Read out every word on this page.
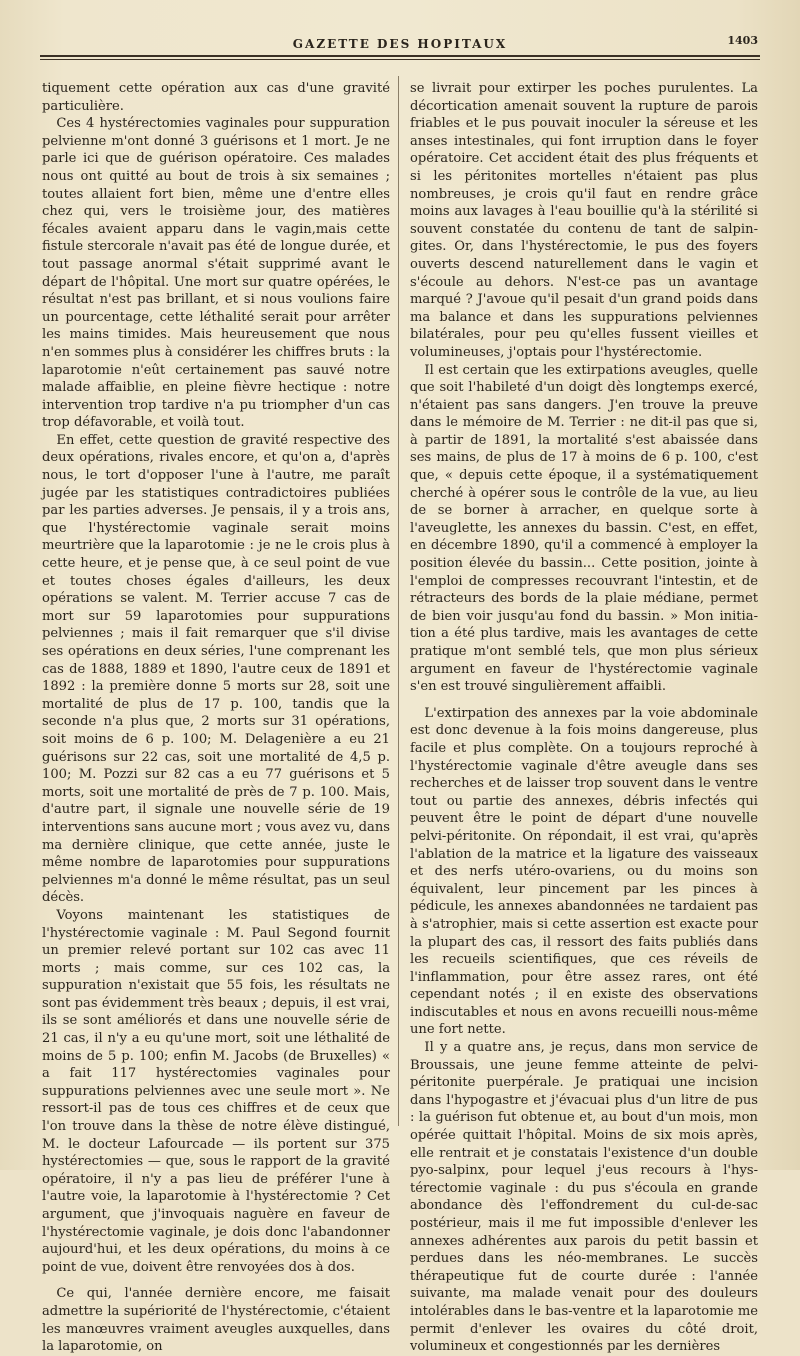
GAZETTE DES HOPITAUX	1403

tiquement cette opération aux cas d'une gravité particulière.

Ces 4 hystérectomies vaginales pour suppuration pelvienne m'ont donné 3 guérisons et 1 mort. Je ne parle ici que de guérison opératoire. Ces malades nous ont quitté au bout de trois à six semaines ; toutes allaient fort bien, même une d'entre elles chez qui, vers le troisième jour, des matières fécales avaient apparu dans le vagin,mais cette fistule stercorale n'avait pas été de longue durée, et tout passage anormal s'était supprimé avant le départ de l'hôpital. Une mort sur quatre opérées, le résultat n'est pas brillant, et si nous voulions faire un pourcentage, cette léthalité serait pour arrêter les mains timides. Mais heureusement que nous n'en sommes plus à considérer les chiffres bruts : la laparotomie n'eût certainement pas sauvé notre malade affaiblie, en pleine fièvre hectique : notre intervention trop tardive n'a pu triompher d'un cas trop défavorable, et voilà tout.

En effet, cette question de gravité respective des deux opérations, rivales encore, et qu'on a, d'après nous, le tort d'opposer l'une à l'autre, me paraît jugée par les statistiques contradictoires publiées par les parties adverses. Je pensais, il y a trois ans, que l'hystérectomie vaginale serait moins meurtrière que la laparotomie : je ne le crois plus à cette heure, et je pense que, à ce seul point de vue et toutes choses égales d'ailleurs, les deux opérations se valent. M. Terrier accuse 7 cas de mort sur 59 laparotomies pour suppurations pelviennes ; mais il fait remarquer que s'il divise ses opérations en deux séries, l'une comprenant les cas de 1888, 1889 et 1890, l'autre ceux de 1891 et 1892 : la première donne 5 morts sur 28, soit une mortalité de plus de 17 p. 100, tandis que la seconde n'a plus que, 2 morts sur 31 opérations, soit moins de 6 p. 100; M. Delagenière a eu 21 guérisons sur 22 cas, soit une mortalité de 4,5 p. 100; M. Pozzi sur 82 cas a eu 77 guérisons et 5 morts, soit une mortalité de près de 7 p. 100. Mais, d'autre part, il signale une nouvelle série de 19 interventions sans aucune mort ; vous avez vu, dans ma dernière clinique, que cette année, juste le même nombre de laparotomies pour suppurations pelviennes m'a donné le même résultat, pas un seul décès.

Voyons maintenant les statistiques de l'hystérectomie vaginale : M. Paul Segond fournit un premier relevé portant sur 102 cas avec 11 morts ; mais comme, sur ces 102 cas, la suppuration n'existait que 55 fois, les résultats ne sont pas évidemment très beaux ; depuis, il est vrai, ils se sont améliorés et dans une nouvelle série de 21 cas, il n'y a eu qu'une mort, soit une léthalité de moins de 5 p. 100; enfin M. Jacobs (de Bruxelles) « a fait 117 hystérectomies vaginales pour suppurations pelviennes avec une seule mort ». Ne ressort-il pas de tous ces chiffres et de ceux que l'on trouve dans la thèse de notre élève distingué, M. le docteur Lafourcade — ils portent sur 375 hystérectomies — que, sous le rapport de la gravité opératoire, il n'y a pas lieu de préférer l'une à l'autre voie, la laparotomie à l'hystérectomie ? Cet argument, que j'invoquais naguère en faveur de l'hystérectomie vaginale, je dois donc l'abandonner aujourd'hui, et les deux opérations, du moins à ce point de vue, doivent être renvoyées dos à dos.

Ce qui, l'année dernière encore, me faisait admettre la supériorité de l'hystérectomie, c'étaient les manœuvres vraiment aveugles auxquelles, dans la laparotomie, on

se livrait pour extirper les poches purulentes. La décortication amenait souvent la rupture de parois friables et le pus pouvait inoculer la séreuse et les anses intestinales, qui font irruption dans le foyer opératoire. Cet accident était des plus fréquents et si les péritonites mortelles n'étaient pas plus nombreuses, je crois qu'il faut en rendre grâce moins aux lavages à l'eau bouillie qu'à la stérilité si souvent constatée du contenu de tant de salpingites. Or, dans l'hystérectomie, le pus des foyers ouverts descend naturellement dans le vagin et s'écoule au dehors. N'est-ce pas un avantage marqué ? J'avoue qu'il pesait d'un grand poids dans ma balance et dans les suppurations pelviennes bilatérales, pour peu qu'elles fussent vieilles et volumineuses, j'optais pour l'hystérectomie.

Il est certain que les extirpations aveugles, quelle que soit l'habileté d'un doigt dès longtemps exercé, n'étaient pas sans dangers. J'en trouve la preuve dans le mémoire de M. Terrier : ne dit-il pas que si, à partir de 1891, la mortalité s'est abaissée dans ses mains, de plus de 17 à moins de 6 p. 100, c'est que, « depuis cette époque, il a systématiquement cherché à opérer sous le contrôle de la vue, au lieu de se borner à arracher, en quelque sorte à l'aveuglette, les annexes du bassin. C'est, en effet, en décembre 1890, qu'il a commencé à employer la position élevée du bassin... Cette position, jointe à l'emploi de compresses recouvrant l'intestin, et de rétracteurs des bords de la plaie médiane, permet de bien voir jusqu'au fond du bassin. » Mon initiation a été plus tardive, mais les avantages de cette pratique m'ont semblé tels, que mon plus sérieux argument en faveur de l'hystérectomie vaginale s'en est trouvé singulièrement affaibli.

L'extirpation des annexes par la voie abdominale est donc devenue à la fois moins dangereuse, plus facile et plus complète. On a toujours reproché à l'hystérectomie vaginale d'être aveugle dans ses recherches et de laisser trop souvent dans le ventre tout ou partie des annexes, débris infectés qui peuvent être le point de départ d'une nouvelle pelvi-péritonite. On répondait, il est vrai, qu'après l'ablation de la matrice et la ligature des vaisseaux et des nerfs utéro-ovariens, ou du moins son équivalent, leur pincement par les pinces à pédicule, les annexes abandonnées ne tardaient pas à s'atrophier, mais si cette assertion est exacte pour la plupart des cas, il ressort des faits publiés dans les recueils scientifiques, que ces réveils de l'inflammation, pour être assez rares, ont été cependant notés ; il en existe des observations indiscutables et nous en avons recueilli nous-même une fort nette.

Il y a quatre ans, je reçus, dans mon service de Broussais, une jeune femme atteinte de pelvi-péritonite puerpérale. Je pratiquai une incision dans l'hypogastre et j'évacuai plus d'un litre de pus : la guérison fut obtenue et, au bout d'un mois, mon opérée quittait l'hôpital. Moins de six mois après, elle rentrait et je constatais l'existence d'un double pyo-salpinx, pour lequel j'eus recours à l'hystérectomie vaginale : du pus s'écoula en grande abondance dès l'effondrement du cul-de-sac postérieur, mais il me fut impossible d'enlever les annexes adhérentes aux parois du petit bassin et perdues dans les néo-membranes. Le succès thérapeutique fut de courte durée : l'année suivante, ma malade venait pour des douleurs intolérables dans le bas-ventre et la laparotomie me permit d'enlever les ovaires du côté droit, volumineux et congestionnés par les dernières
